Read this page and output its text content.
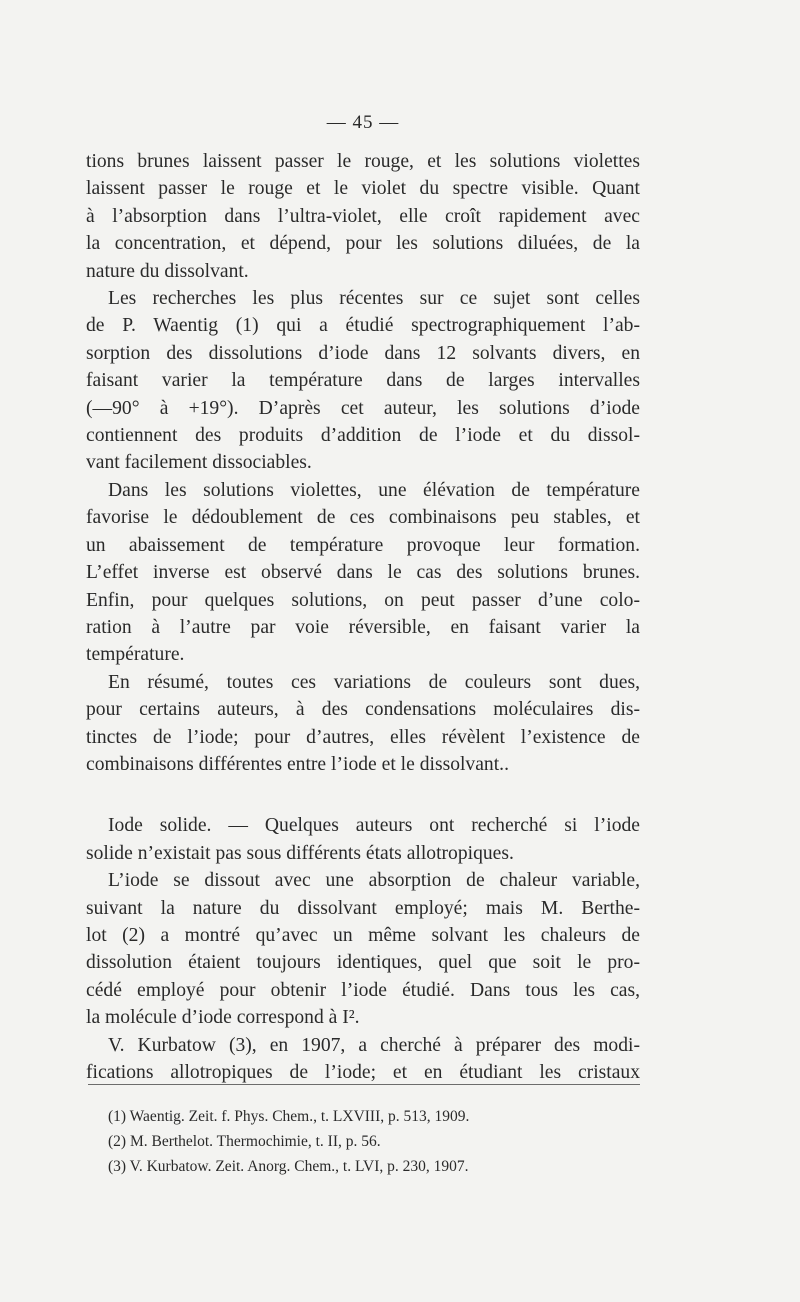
— 45 —

tions brunes laissent passer le rouge, et les solutions violettes
laissent passer le rouge et le violet du spectre visible. Quant
à l’absorption dans l’ultra-violet, elle croît rapidement avec
la concentration, et dépend, pour les solutions diluées, de la
nature du dissolvant.

Les recherches les plus récentes sur ce sujet sont celles
de P. Waentig (1) qui a étudié spectrographiquement l’ab-
sorption des dissolutions d’iode dans 12 solvants divers, en
faisant varier la température dans de larges intervalles
(—90° à +19°). D’après cet auteur, les solutions d’iode
contiennent des produits d’addition de l’iode et du dissol-
vant facilement dissociables.

Dans les solutions violettes, une élévation de température
favorise le dédoublement de ces combinaisons peu stables, et
un abaissement de température provoque leur formation.
L’effet inverse est observé dans le cas des solutions brunes.
Enfin, pour quelques solutions, on peut passer d’une colo-
ration à l’autre par voie réversible, en faisant varier la
température.

En résumé, toutes ces variations de couleurs sont dues,
pour certains auteurs, à des condensations moléculaires dis-
tinctes de l’iode; pour d’autres, elles révèlent l’existence de
combinaisons différentes entre l’iode et le dissolvant..

Iode solide. — Quelques auteurs ont recherché si l’iode
solide n’existait pas sous différents états allotropiques.

L’iode se dissout avec une absorption de chaleur variable,
suivant la nature du dissolvant employé; mais M. Berthe-
lot (2) a montré qu’avec un même solvant les chaleurs de
dissolution étaient toujours identiques, quel que soit le pro-
cédé employé pour obtenir l’iode étudié. Dans tous les cas,
la molécule d’iode correspond à I².

V. Kurbatow (3), en 1907, a cherché à préparer des modi-
fications allotropiques de l’iode; et en étudiant les cristaux

(1) Waentig. Zeit. f. Phys. Chem., t. LXVIII, p. 513, 1909.
(2) M. Berthelot. Thermochimie, t. II, p. 56.
(3) V. Kurbatow. Zeit. Anorg. Chem., t. LVI, p. 230, 1907.
